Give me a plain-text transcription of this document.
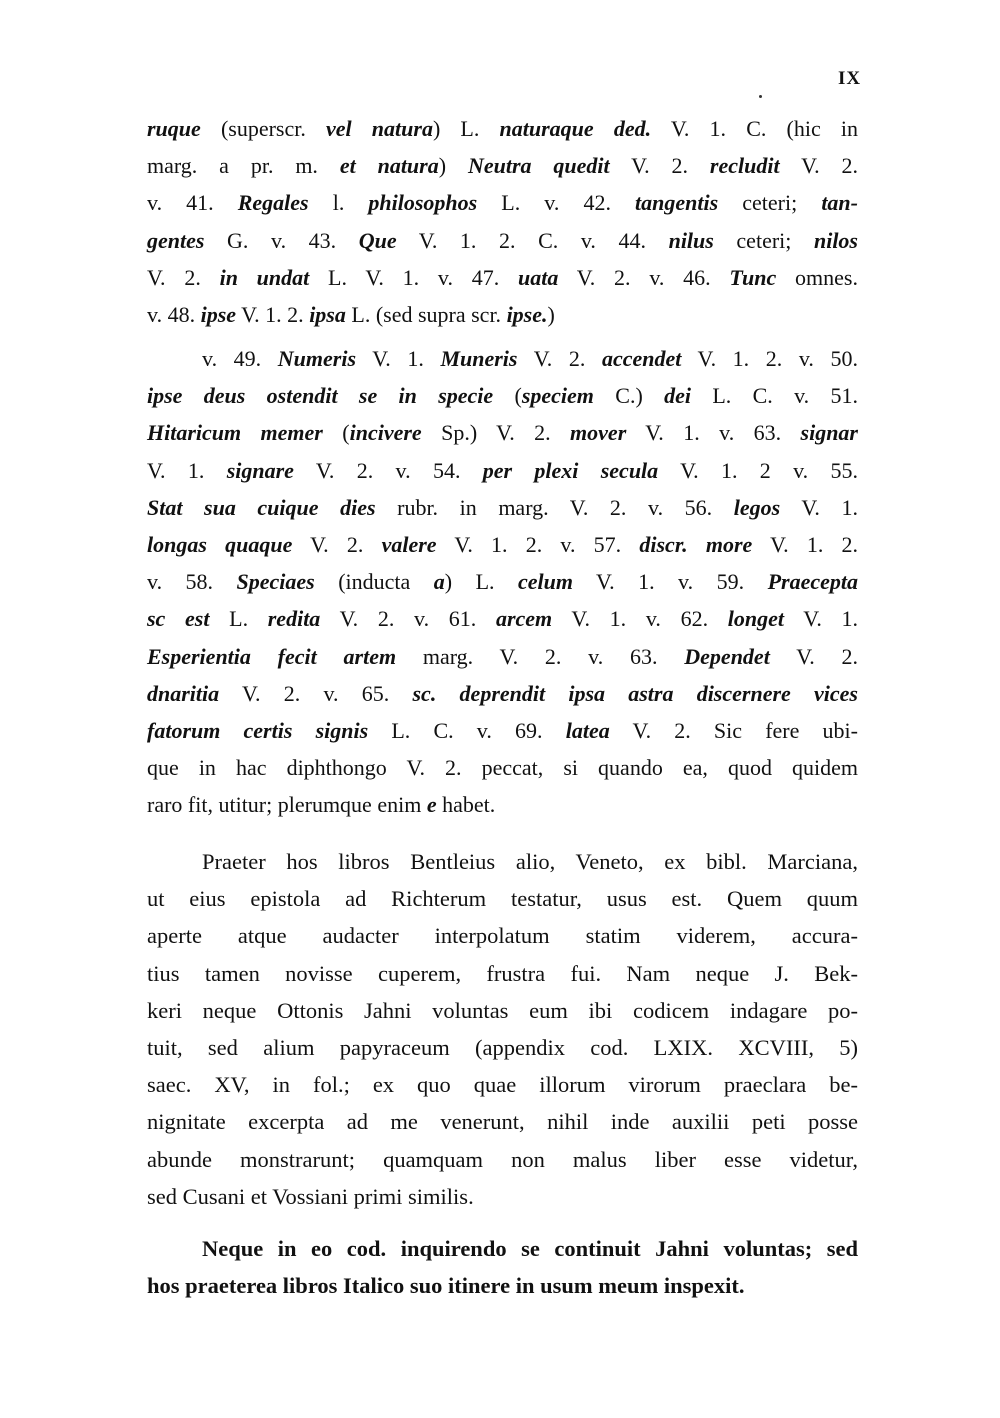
IX
ruque (superscr. vel natura) L. naturaque ded. V. 1. C. (hic in
marg. a pr. m. et natura) Neutra quedit V. 2. recludit V. 2.
v. 41. Regales l. philosophos L. v. 42. tangentis ceteri; tan-
gentes G. v. 43. Que V. 1. 2. C. v. 44. nilus ceteri; nilos
V. 2. in undat L. V. 1. v. 47. uata V. 2. v. 46. Tunc omnes.
v. 48. ipse V. 1. 2. ipsa L. (sed supra scr. ipse.)
v. 49. Numeris V. 1. Muneris V. 2. accendet V. 1. 2. v. 50.
ipse deus ostendit se in specie (speciem C.) dei L. C. v. 51.
Hitaricum memer (incivere Sp.) V. 2. mover V. 1. v. 63. signar
V. 1. signare V. 2. v. 54. per plexi secula V. 1. 2 v. 55.
Stat sua cuique dies rubr. in marg. V. 2. v. 56. legos V. 1.
longas quaque V. 2. valere V. 1. 2. v. 57. discr. more V. 1. 2.
v. 58. Speciaes (inducta a) L. celum V. 1. v. 59. Praecepta
sc est L. redita V. 2. v. 61. arcem V. 1. v. 62. longet V. 1.
Esperientia fecit artem marg. V. 2. v. 63. Dependet V. 2.
dnaritia V. 2. v. 65. sc. deprendit ipsa astra discernere vices
fatorum certis signis L. C. v. 69. latea V. 2. Sic fere ubi-
que in hac diphthongo V. 2. peccat, si quando ea, quod quidem
raro fit, utitur; plerumque enim e habet.
Praeter hos libros Bentleius alio, Veneto, ex bibl. Marciana,
ut eius epistola ad Richterum testatur, usus est. Quem quum
aperte atque audacter interpolatum statim viderem, accura-
tius tamen novisse cuperem, frustra fui. Nam neque J. Bek-
keri neque Ottonis Jahni voluntas eum ibi codicem indagare po-
tuit, sed alium papyraceum (appendix cod. LXIX. XCVIII, 5)
saec. XV, in fol.; ex quo quae illorum virorum praeclara be-
nignitate excerpta ad me venerunt, nihil inde auxilii peti posse
abunde monstrarunt; quamquam non malus liber esse videtur,
sed Cusani et Vossiani primi similis.
Neque in eo cod. inquirendo se continuit Jahni voluntas; sed
hos praeterea libros Italico suo itinere in usum meum inspexit.
